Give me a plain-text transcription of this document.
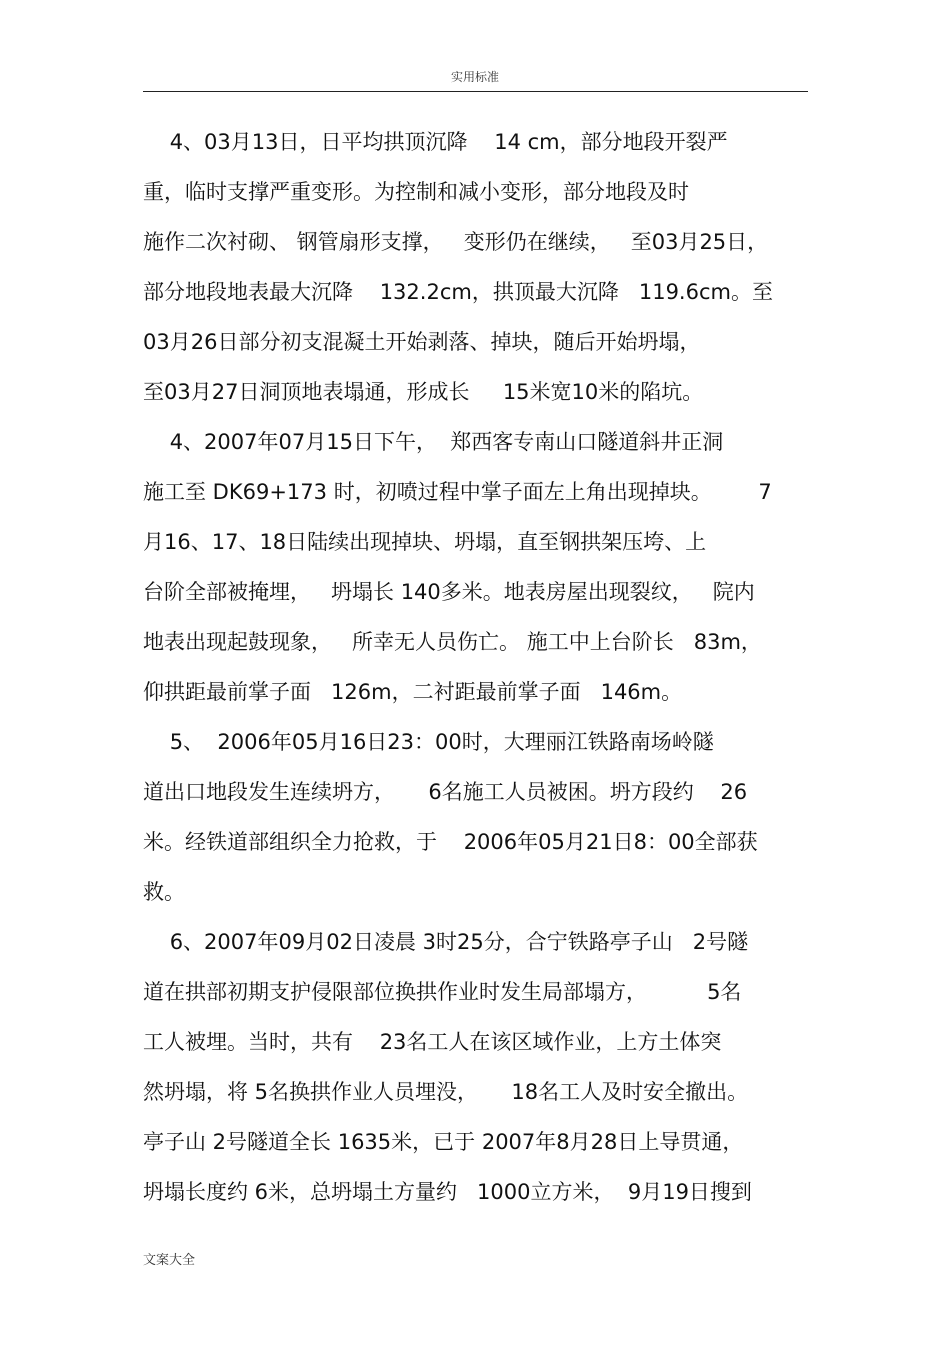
实用标准
4、03月13日，日平均拱顶沉降    14 cm，部分地段开裂严
重，临时支撑严重变形。为控制和减小变形，部分地段及时
施作二次衬砌、 钢管扇形支撑，   变形仍在继续，   至03月25日，
部分地段地表最大沉降    132.2cm，拱顶最大沉降   119.6cm。至
03月26日部分初支混凝土开始剥落、掉块，随后开始坍塌，
至03月27日洞顶地表塌通，形成长     15米宽10米的陷坑。
4、2007年07月15日下午，  郑西客专南山口隧道斜井正洞
施工至 DK69+173 时，初喷过程中掌子面左上角出现掉块。       7
月16、17、18日陆续出现掉块、坍塌，直至钢拱架压垮、上
台阶全部被掩埋，   坍塌长 140多米。地表房屋出现裂纹，   院内
地表出现起鼓现象，   所幸无人员伤亡。 施工中上台阶长   83m，
仰拱距最前掌子面   126m，二衬距最前掌子面   146m。
5、  2006年05月16日23：00时，大理丽江铁路南场岭隧
道出口地段发生连续坍方，     6名施工人员被困。坍方段约    26
米。经铁道部组织全力抢救，于    2006年05月21日8：00全部获
救。
6、2007年09月02日凌晨 3时25分，合宁铁路亭子山   2号隧
道在拱部初期支护侵限部位换拱作业时发生局部塌方，         5名
工人被埋。当时，共有    23名工人在该区域作业，上方土体突
然坍塌，将 5名换拱作业人员埋没，     18名工人及时安全撤出。
亭子山 2号隧道全长 1635米，已于 2007年8月28日上导贯通，
坍塌长度约 6米，总坍塌土方量约   1000立方米，  9月19日搜到
文案大全
